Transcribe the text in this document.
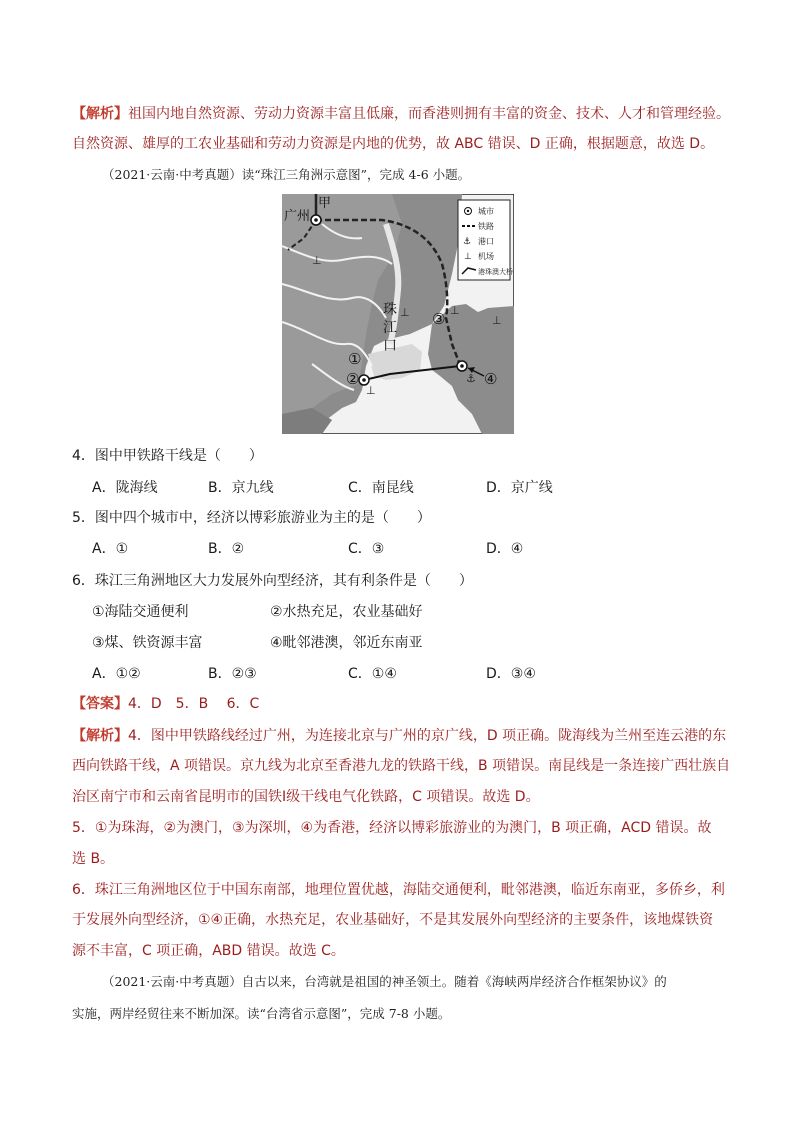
【解析】祖国内地自然资源、劳动力资源丰富且低廉，而香港则拥有丰富的资金、技术、人才和管理经验。
自然资源、雄厚的工农业基础和劳动力资源是内地的优势，故 ABC 错误、D 正确，根据题意，故选 D。
（2021·云南·中考真题）读“珠江三角洲示意图”，完成 4-6 小题。
⊥
⊥	⊥
⊥
⊥
⚓
广州
甲
珠
江
口
①
②
③
④
⚓
⊥
城市
铁路
港口
机场
港珠澳大桥
4．图中甲铁路干线是（　　）
A．陇海线	B．京九线	C．南昆线	D．京广线
5．图中四个城市中，经济以博彩旅游业为主的是（　　）
A．①	B．②	C．③	D．④
6．珠江三角洲地区大力发展外向型经济，其有利条件是（　　）
①海陆交通便利	②水热充足，农业基础好
③煤、铁资源丰富	④毗邻港澳，邻近东南亚
A．①②	B．②③	C．①④	D．③④
【答案】4．D　5．B　 6．C
【解析】4．图中甲铁路线经过广州，为连接北京与广州的京广线，D 项正确。陇海线为兰州至连云港的东
西向铁路干线，A 项错误。京九线为北京至香港九龙的铁路干线，B 项错误。南昆线是一条连接广西壮族自
治区南宁市和云南省昆明市的国铁Ⅰ级干线电气化铁路，C 项错误。故选 D。
5．①为珠海，②为澳门，③为深圳，④为香港，经济以博彩旅游业的为澳门，B 项正确，ACD 错误。故
选 B。
6．珠江三角洲地区位于中国东南部，地理位置优越，海陆交通便利，毗邻港澳，临近东南亚，多侨乡，利
于发展外向型经济，①④正确，水热充足，农业基础好，不是其发展外向型经济的主要条件，该地煤铁资
源不丰富，C 项正确，ABD 错误。故选 C。
（2021·云南·中考真题）自古以来，台湾就是祖国的神圣领土。随着《海峡两岸经济合作框架协议》的
实施，两岸经贸往来不断加深。读“台湾省示意图”，完成 7-8 小题。
